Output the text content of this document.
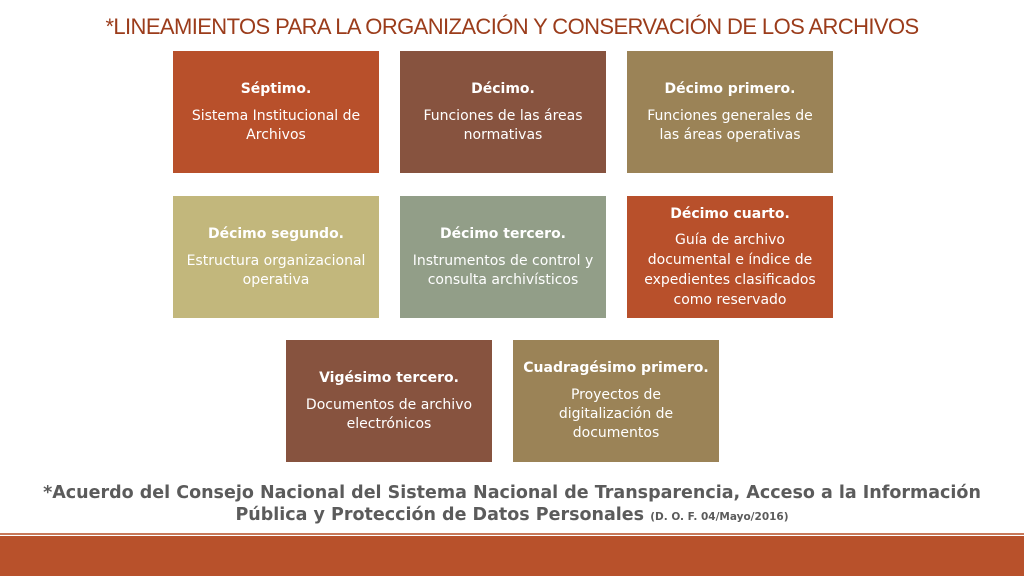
*LINEAMIENTOS PARA LA ORGANIZACIÓN Y CONSERVACIÓN DE LOS ARCHIVOS
Séptimo.
Sistema Institucional de Archivos
Décimo.
Funciones de las áreas normativas
Décimo primero.
Funciones generales de las áreas operativas
Décimo segundo.
Estructura organizacional operativa
Décimo tercero.
Instrumentos de control y consulta archivísticos
Décimo cuarto.
Guía de archivo documental e índice de expedientes clasificados como reservado
Vigésimo tercero.
Documentos de archivo electrónicos
Cuadragésimo primero.
Proyectos de digitalización de documentos
*Acuerdo del Consejo Nacional del Sistema Nacional de Transparencia, Acceso a la Información
Pública y Protección de Datos Personales (D. O. F. 04/Mayo/2016)
